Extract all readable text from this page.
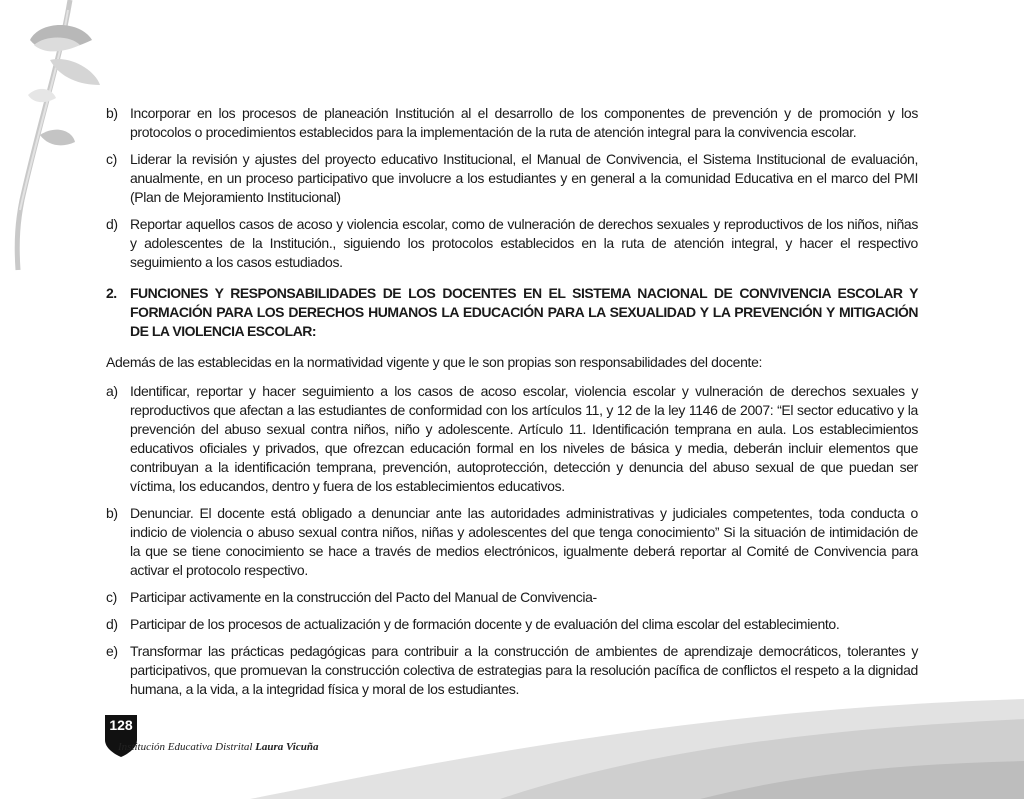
b) Incorporar en los procesos de planeación Institución al el desarrollo de los componentes de prevención y de promoción y los protocolos o procedimientos establecidos para la implementación de la ruta de atención integral para la convivencia escolar.
c) Liderar la revisión y ajustes del proyecto educativo Institucional, el Manual de Convivencia, el Sistema Institucional de evaluación, anualmente, en un proceso participativo que involucre a los estudiantes y en general a la comunidad Educativa en el marco del PMI (Plan de Mejoramiento Institucional)
d) Reportar aquellos casos de acoso y violencia escolar, como de vulneración de derechos sexuales y reproductivos de los niños, niñas y adolescentes de la Institución., siguiendo los protocolos establecidos en la ruta de atención integral, y hacer el respectivo seguimiento a los casos estudiados.
2. FUNCIONES Y RESPONSABILIDADES DE LOS DOCENTES EN EL SISTEMA NACIONAL DE CONVIVENCIA ESCOLAR Y FORMACIÓN PARA LOS DERECHOS HUMANOS LA EDUCACIÓN PARA LA SEXUALIDAD Y LA PREVENCIÓN Y MITIGACIÓN DE LA VIOLENCIA ESCOLAR:
Además de las establecidas en la normatividad vigente y que le son propias son responsabilidades del docente:
a) Identificar, reportar y hacer seguimiento a los casos de acoso escolar, violencia escolar y vulneración de derechos sexuales y reproductivos que afectan a las estudiantes de conformidad con los artículos 11, y 12 de la ley 1146 de 2007: “El sector educativo y la prevención del abuso sexual contra niños, niño y adolescente. Artículo 11. Identificación temprana en aula. Los establecimientos educativos oficiales y privados, que ofrezcan educación formal en los niveles de básica y media, deberán incluir elementos que contribuyan a la identificación temprana, prevención, autoprotección, detección y denuncia del abuso sexual de que puedan ser víctima, los educandos, dentro y fuera de los establecimientos educativos.
b) Denunciar. El docente está obligado a denunciar ante las autoridades administrativas y judiciales competentes, toda conducta o indicio de violencia o abuso sexual contra niños, niñas y adolescentes del que tenga conocimiento” Si la situación de intimidación de la que se tiene conocimiento se hace a través de medios electrónicos, igualmente deberá reportar al Comité de Convivencia para activar el protocolo respectivo.
c) Participar activamente en la construcción del Pacto del Manual de Convivencia-
d) Participar de los procesos de actualización y de formación docente y de evaluación del clima escolar del establecimiento.
e) Transformar las prácticas pedagógicas para contribuir a la construcción de ambientes de aprendizaje democráticos, tolerantes y participativos, que promuevan la construcción colectiva de estrategias para la resolución pacífica de conflictos el respeto a la dignidad humana, a la vida, a la integridad física y moral de los estudiantes.
128
Institución Educativa Distrital Laura Vicuña
